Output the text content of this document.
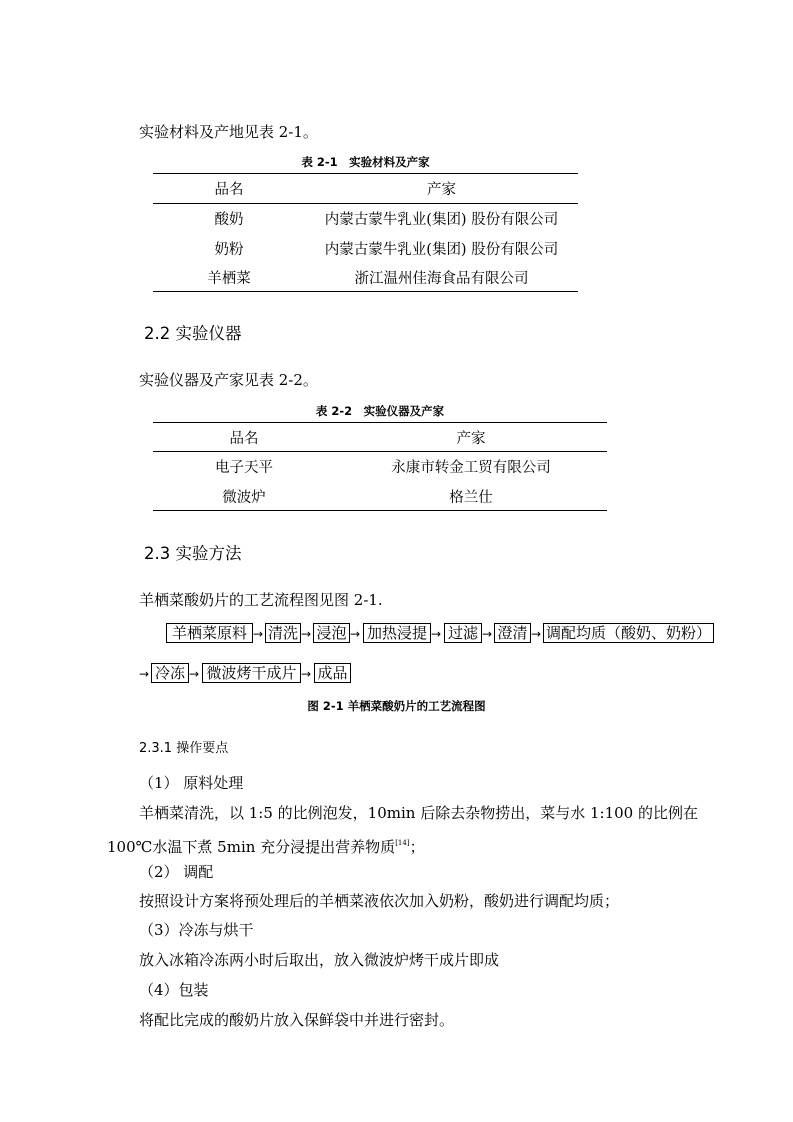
实验材料及产地见表 2-1。
表 2-1　实验材料及产家
品名	产家
酸奶	内蒙古蒙牛乳业(集团) 股份有限公司
奶粉	内蒙古蒙牛乳业(集团) 股份有限公司
羊栖菜	浙江温州佳海食品有限公司
2.2 实验仪器
实验仪器及产家见表 2-2。
表 2-2　实验仪器及产家
品名	产家
电子天平	永康市转金工贸有限公司
微波炉	格兰仕
2.3 实验方法
羊栖菜酸奶片的工艺流程图见图 2-1.
羊栖菜原料 → 清洗 → 浸泡 → 加热浸提 → 过滤 → 澄清 → 调配均质（酸奶、奶粉）
→ 冷冻 → 微波烤干成片 → 成品
图 2-1 羊栖菜酸奶片的工艺流程图
2.3.1 操作要点
（1） 原料处理
羊栖菜清洗，以 1:5 的比例泡发，10min 后除去杂物捞出，菜与水 1:100 的比例在
100℃水温下煮 5min 充分浸提出营养物质[14]；
（2） 调配
按照设计方案将预处理后的羊栖菜液依次加入奶粉，酸奶进行调配均质；
（3）冷冻与烘干
放入冰箱冷冻两小时后取出，放入微波炉烤干成片即成
（4）包装
将配比完成的酸奶片放入保鲜袋中并进行密封。
